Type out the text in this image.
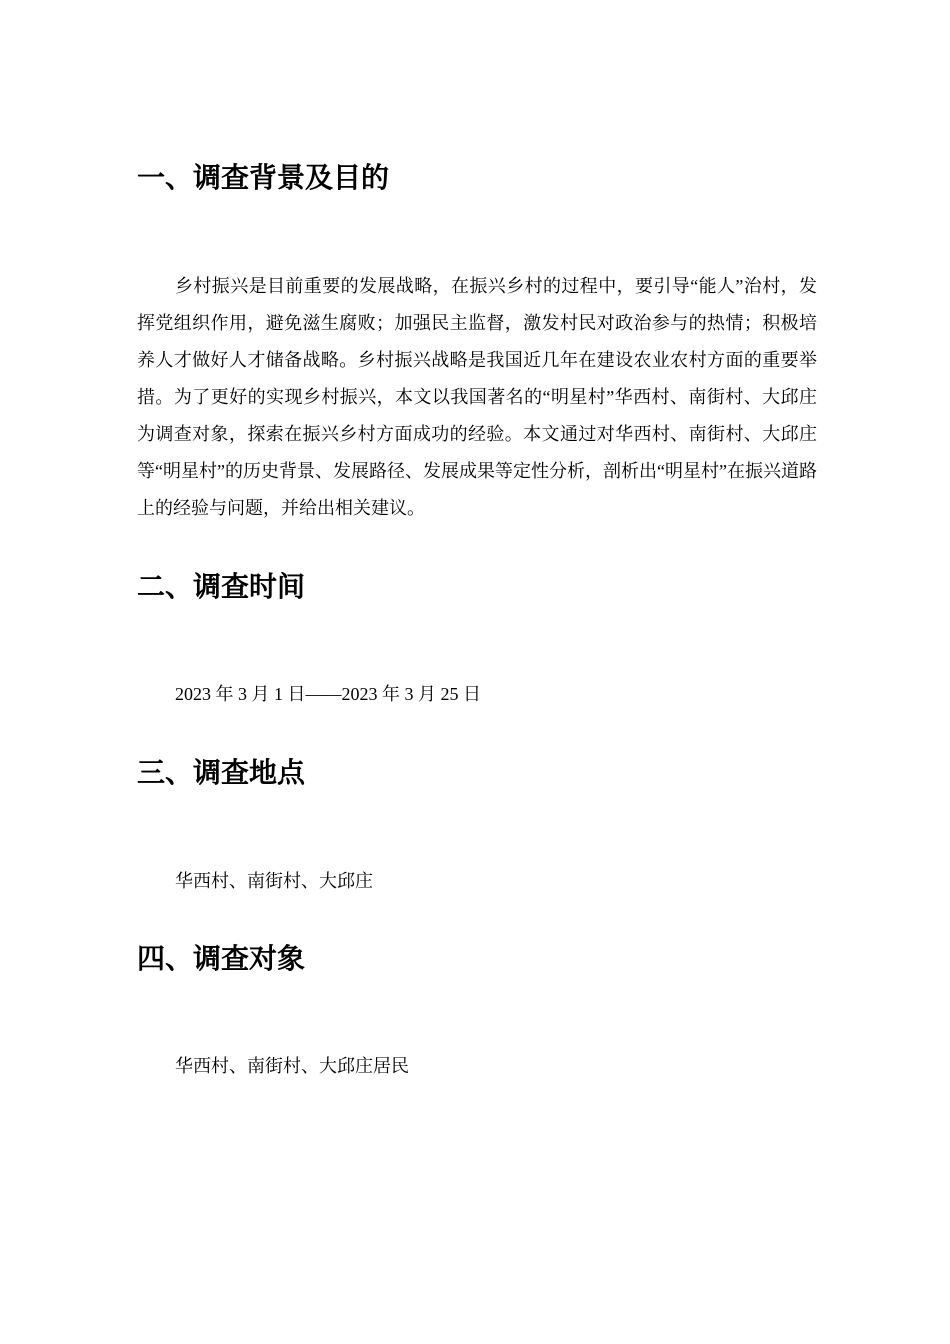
一、调查背景及目的

乡村振兴是目前重要的发展战略，在振兴乡村的过程中，要引导“能人”治村，发挥党组织作用，避免滋生腐败；加强民主监督，激发村民对政治参与的热情；积极培养人才做好人才储备战略。乡村振兴战略是我国近几年在建设农业农村方面的重要举措。为了更好的实现乡村振兴，本文以我国著名的“明星村”华西村、南街村、大邱庄为调查对象，探索在振兴乡村方面成功的经验。本文通过对华西村、南街村、大邱庄等“明星村”的历史背景、发展路径、发展成果等定性分析，剖析出“明星村”在振兴道路上的经验与问题，并给出相关建议。

二、调查时间

2023 年 3 月 1 日——2023 年 3 月 25 日

三、调查地点

华西村、南街村、大邱庄

四、调查对象

华西村、南街村、大邱庄居民
